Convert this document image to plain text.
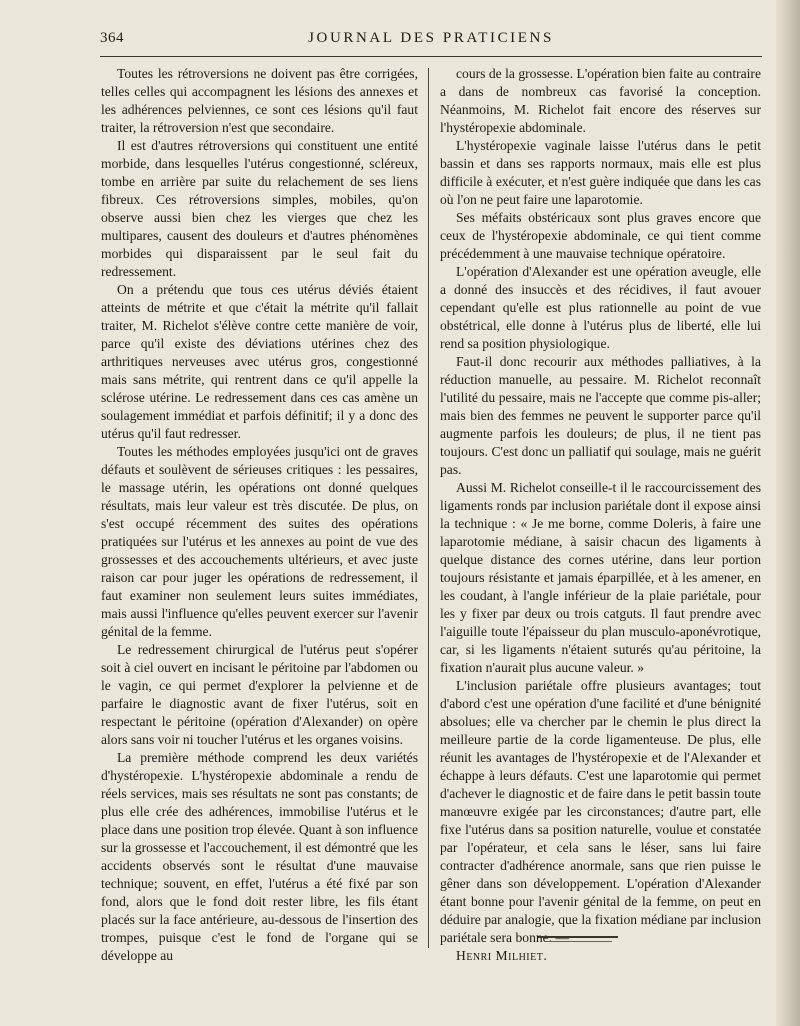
364	JOURNAL DES PRATICIENS

Toutes les rétroversions ne doivent pas être corrigées, telles celles qui accompagnent les lésions des annexes et les adhérences pelviennes, ce sont ces lésions qu'il faut traiter, la rétroversion n'est que secondaire.

Il est d'autres rétroversions qui constituent une entité morbide, dans lesquelles l'utérus congestionné, scléreux, tombe en arrière par suite du relachement de ses liens fibreux. Ces rétroversions simples, mobiles, qu'on observe aussi bien chez les vierges que chez les multipares, causent des douleurs et d'autres phénomènes morbides qui disparaissent par le seul fait du redressement.

On a prétendu que tous ces utérus déviés étaient atteints de métrite et que c'était la métrite qu'il fallait traiter, M. Richelot s'élève contre cette manière de voir, parce qu'il existe des déviations utérines chez des arthritiques nerveuses avec utérus gros, congestionné mais sans métrite, qui rentrent dans ce qu'il appelle la sclérose utérine. Le redressement dans ces cas amène un soulagement immédiat et parfois définitif; il y a donc des utérus qu'il faut redresser.

Toutes les méthodes employées jusqu'ici ont de graves défauts et soulèvent de sérieuses critiques : les pessaires, le massage utérin, les opérations ont donné quelques résultats, mais leur valeur est très discutée. De plus, on s'est occupé récemment des suites des opérations pratiquées sur l'utérus et les annexes au point de vue des grossesses et des accouchements ultérieurs, et avec juste raison car pour juger les opérations de redressement, il faut examiner non seulement leurs suites immédiates, mais aussi l'influence qu'elles peuvent exercer sur l'avenir génital de la femme.

Le redressement chirurgical de l'utérus peut s'opérer soit à ciel ouvert en incisant le péritoine par l'abdomen ou le vagin, ce qui permet d'explorer la pelvienne et de parfaire le diagnostic avant de fixer l'utérus, soit en respectant le péritoine (opération d'Alexander) on opère alors sans voir ni toucher l'utérus et les organes voisins.

La première méthode comprend les deux variétés d'hystéropexie. L'hystéropexie abdominale a rendu de réels services, mais ses résultats ne sont pas constants; de plus elle crée des adhérences, immobilise l'utérus et le place dans une position trop élevée. Quant à son influence sur la grossesse et l'accouchement, il est démontré que les accidents observés sont le résultat d'une mauvaise technique; souvent, en effet, l'utérus a été fixé par son fond, alors que le fond doit rester libre, les fils étant placés sur la face antérieure, au-dessous de l'insertion des trompes, puisque c'est le fond de l'organe qui se développe au

cours de la grossesse. L'opération bien faite au contraire a dans de nombreux cas favorisé la conception. Néanmoins, M. Richelot fait encore des réserves sur l'hystéropexie abdominale.

L'hystéropexie vaginale laisse l'utérus dans le petit bassin et dans ses rapports normaux, mais elle est plus difficile à exécuter, et n'est guère indiquée que dans les cas où l'on ne peut faire une laparotomie.

Ses méfaits obstéricaux sont plus graves encore que ceux de l'hystéropexie abdominale, ce qui tient comme précédemment à une mauvaise technique opératoire.

L'opération d'Alexander est une opération aveugle, elle a donné des insuccès et des récidives, il faut avouer cependant qu'elle est plus rationnelle au point de vue obstétrical, elle donne à l'utérus plus de liberté, elle lui rend sa position physiologique.

Faut-il donc recourir aux méthodes palliatives, à la réduction manuelle, au pessaire. M. Richelot reconnaît l'utilité du pessaire, mais ne l'accepte que comme pis-aller; mais bien des femmes ne peuvent le supporter parce qu'il augmente parfois les douleurs; de plus, il ne tient pas toujours. C'est donc un palliatif qui soulage, mais ne guérit pas.

Aussi M. Richelot conseille-t il le raccourcissement des ligaments ronds par inclusion pariétale dont il expose ainsi la technique : « Je me borne, comme Doleris, à faire une laparotomie médiane, à saisir chacun des ligaments à quelque distance des cornes utérine, dans leur portion toujours résistante et jamais éparpillée, et à les amener, en les coudant, à l'angle inférieur de la plaie pariétale, pour les y fixer par deux ou trois catguts. Il faut prendre avec l'aiguille toute l'épaisseur du plan musculo-aponévrotique, car, si les ligaments n'étaient suturés qu'au péritoine, la fixation n'aurait plus aucune valeur. »

L'inclusion pariétale offre plusieurs avantages; tout d'abord c'est une opération d'une facilité et d'une bénignité absolues; elle va chercher par le chemin le plus direct la meilleure partie de la corde ligamenteuse. De plus, elle réunit les avantages de l'hystéropexie et de l'Alexander et échappe à leurs défauts. C'est une laparotomie qui permet d'achever le diagnostic et de faire dans le petit bassin toute manœuvre exigée par les circonstances; d'autre part, elle fixe l'utérus dans sa position naturelle, voulue et constatée par l'opérateur, et cela sans le léser, sans lui faire contracter d'adhérence anormale, sans que rien puisse le gêner dans son développement. L'opération d'Alexander étant bonne pour l'avenir génital de la femme, on peut en déduire par analogie, que la fixation médiane par inclusion pariétale sera bonne. —

Henri Milhiet.
